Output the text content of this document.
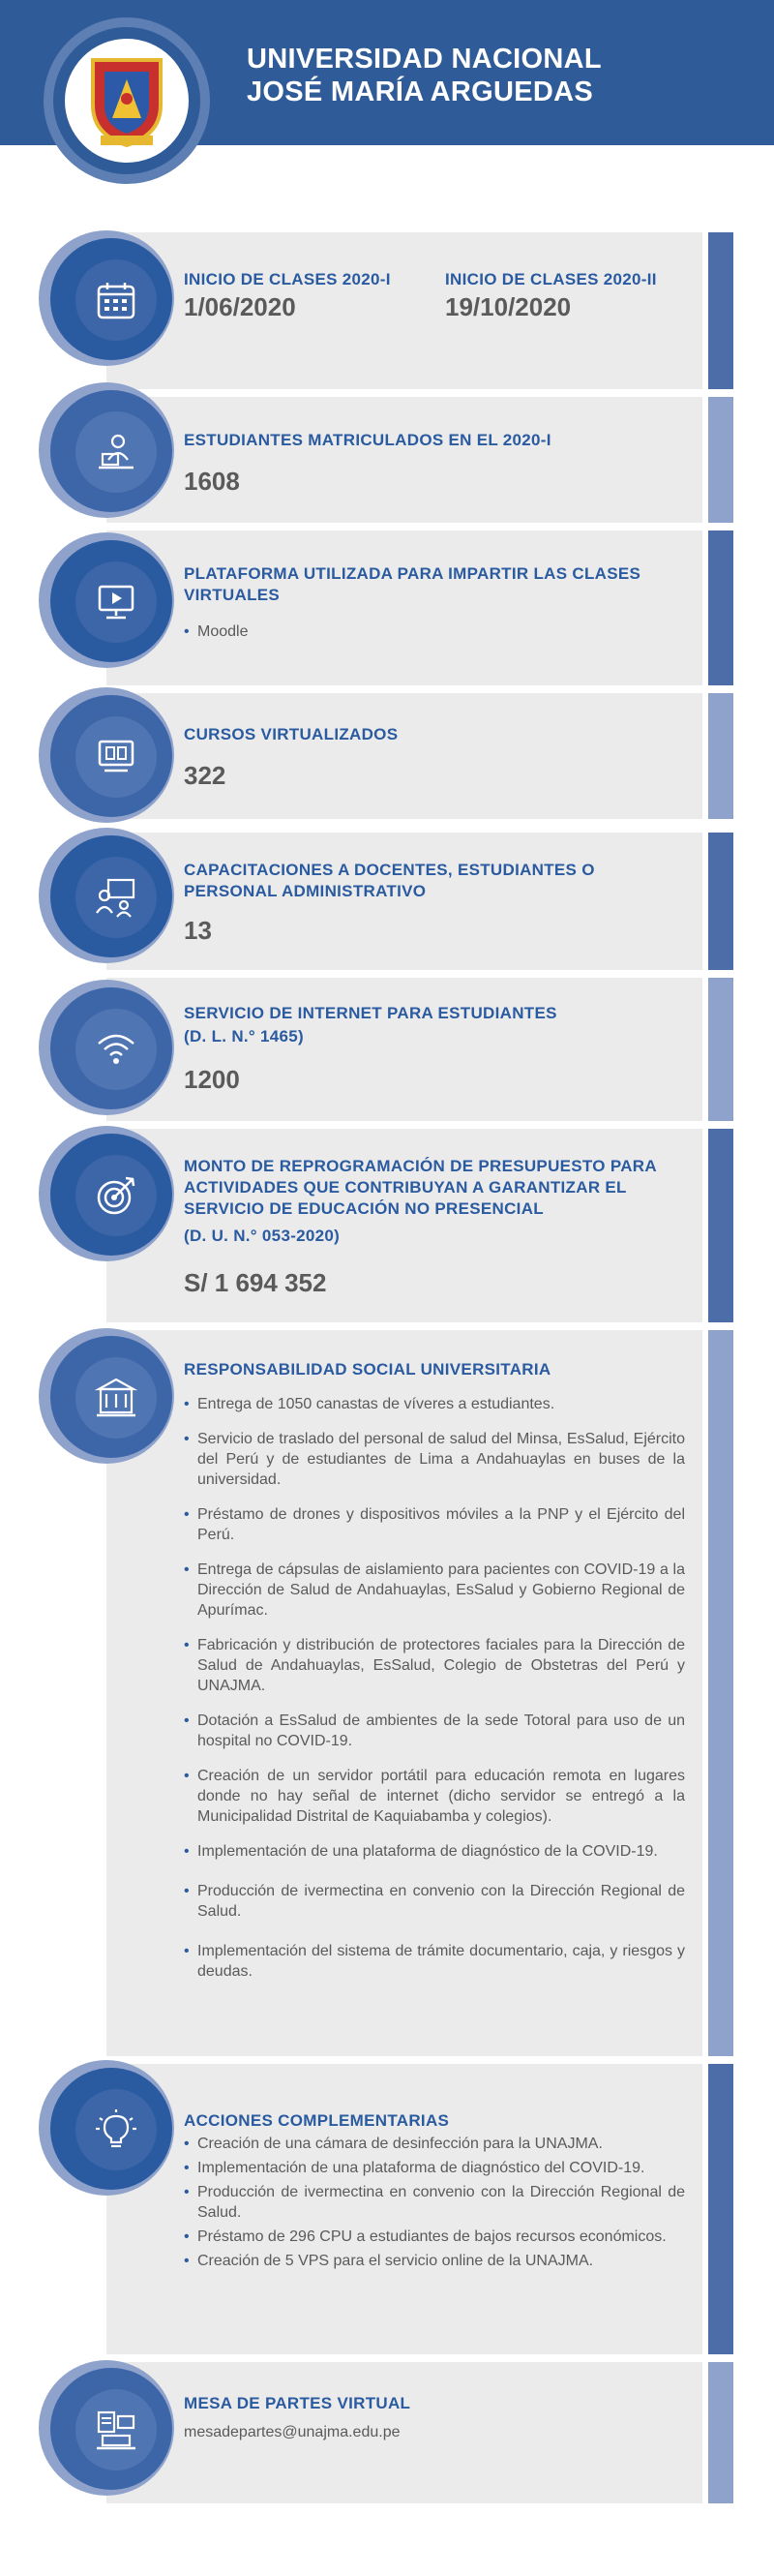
UNIVERSIDAD NACIONAL
JOSÉ MARÍA ARGUEDAS
INICIO DE CLASES 2020-I
1/06/2020
INICIO DE CLASES 2020-II
19/10/2020
ESTUDIANTES MATRICULADOS EN EL 2020-I
1608
PLATAFORMA UTILIZADA PARA IMPARTIR LAS CLASES VIRTUALES
• Moodle
CURSOS VIRTUALIZADOS
322
CAPACITACIONES A DOCENTES, ESTUDIANTES O PERSONAL ADMINISTRATIVO
13
SERVICIO DE INTERNET PARA ESTUDIANTES
(D. L. N.° 1465)
1200
MONTO DE REPROGRAMACIÓN DE PRESUPUESTO PARA ACTIVIDADES QUE CONTRIBUYAN A GARANTIZAR EL SERVICIO DE EDUCACIÓN NO PRESENCIAL
(D. U. N.° 053-2020)
S/ 1 694 352
RESPONSABILIDAD SOCIAL UNIVERSITARIA
• Entrega de 1050 canastas de víveres a estudiantes.
• Servicio de traslado del personal de salud del Minsa, EsSalud, Ejército del Perú y de estudiantes de Lima a Andahuaylas en buses de la universidad.
• Préstamo de drones y dispositivos móviles a la PNP y el Ejército del Perú.
• Entrega de cápsulas de aislamiento para pacientes con COVID-19 a la Dirección de Salud de Andahuaylas, EsSalud y Gobierno Regional de Apurímac.
• Fabricación y distribución de protectores faciales para la Dirección de Salud de Andahuaylas, EsSalud, Colegio de Obstetras del Perú y UNAJMA.
• Dotación a EsSalud de ambientes de la sede Totoral para uso de un hospital no COVID-19.
• Creación de un servidor portátil para educación remota en lugares donde no hay señal de internet (dicho servidor se entregó a la Municipalidad Distrital de Kaquiabamba y colegios).
• Implementación de una plataforma de diagnóstico de la COVID-19.
• Producción de ivermectina en convenio con la Dirección Regional de Salud.
• Implementación del sistema de trámite documentario, caja, y riesgos y deudas.
ACCIONES COMPLEMENTARIAS
• Creación de una cámara de desinfección para la UNAJMA.
• Implementación de una plataforma de diagnóstico del COVID-19.
• Producción de ivermectina en convenio con la Dirección Regional de Salud.
• Préstamo de 296 CPU a estudiantes de bajos recursos económicos.
• Creación de 5 VPS para el servicio online de la UNAJMA.
MESA DE PARTES VIRTUAL
mesadepartes@unajma.edu.pe
